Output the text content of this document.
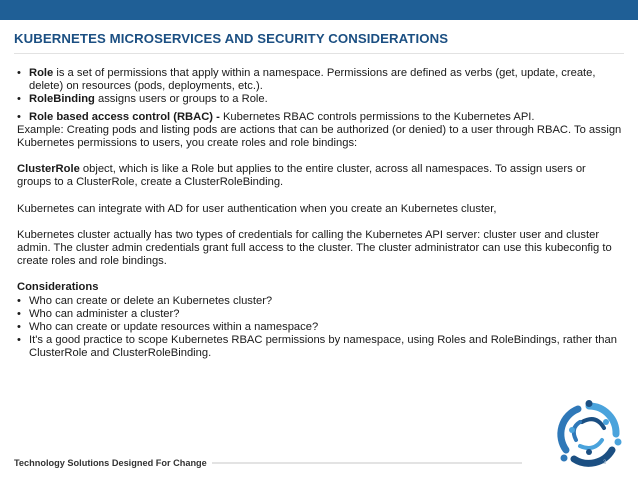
KUBERNETES MICROSERVICES AND SECURITY CONSIDERATIONS
• Role is a set of permissions that apply within a namespace. Permissions are defined as verbs (get, update, create, delete) on resources (pods, deployments, etc.).
• RoleBinding assigns users or groups to a Role.
• Role based access control (RBAC) - Kubernetes RBAC controls permissions to the Kubernetes API.

Example: Creating pods and listing pods are actions that can be authorized (or denied) to a user through RBAC. To assign Kubernetes permissions to users, you create roles and role bindings:

ClusterRole object, which is like a Role but applies to the entire cluster, across all namespaces. To assign users or groups to a ClusterRole, create a ClusterRoleBinding.

Kubernetes can integrate with AD for user authentication when you create an Kubernetes cluster,

Kubernetes cluster actually has two types of credentials for calling the Kubernetes API server: cluster user and cluster admin. The cluster admin credentials grant full access to the cluster. The cluster administrator can use this kubeconfig to create roles and role bindings.

Considerations

• Who can create or delete an Kubernetes cluster?
• Who can administer a cluster?
• Who can create or update resources within a namespace?
• It's a good practice to scope Kubernetes RBAC permissions by namespace, using Roles and RoleBindings, rather than ClusterRole and ClusterRoleBinding.
Technology Solutions Designed For Change	3
